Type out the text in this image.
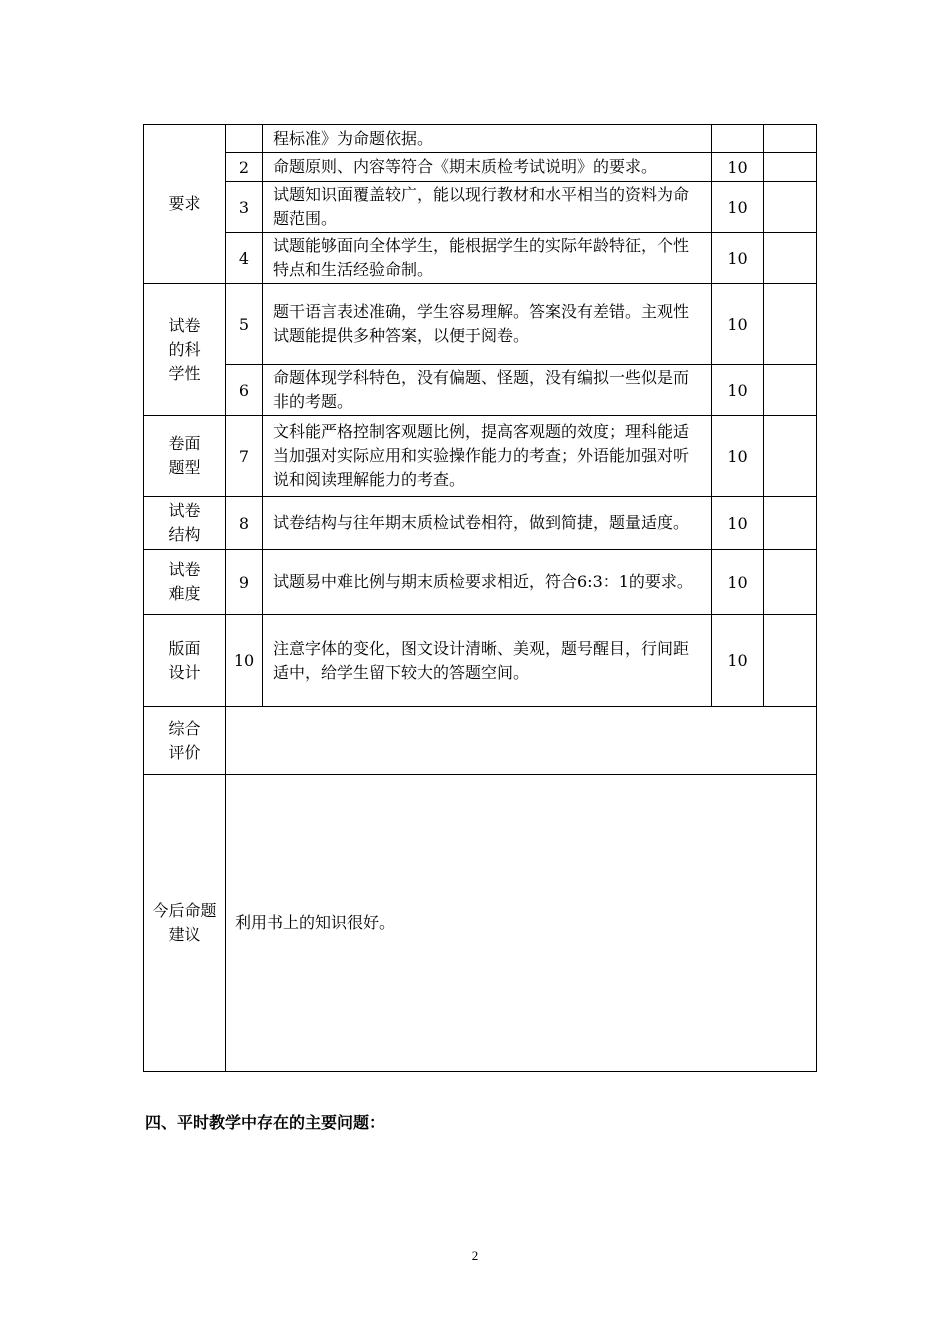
要求		程标准》为命题依据。		
	2	命题原则、内容等符合《期末质检考试说明》的要求。	10	
	3	试题知识面覆盖较广，能以现行教材和水平相当的资料为命题范围。	10	
	4	试题能够面向全体学生，能根据学生的实际年龄特征，个性特点和生活经验命制。	10	
试卷的科学性	5	题干语言表述准确，学生容易理解。答案没有差错。主观性试题能提供多种答案，以便于阅卷。	10	
	6	命题体现学科特色，没有偏题、怪题，没有编拟一些似是而非的考题。	10	
卷面题型	7	文科能严格控制客观题比例，提高客观题的效度；理科能适当加强对实际应用和实验操作能力的考查；外语能加强对听说和阅读理解能力的考查。	10	
试卷结构	8	试卷结构与往年期末质检试卷相符，做到简捷，题量适度。	10	
试卷难度	9	试题易中难比例与期末质检要求相近，符合6:3：1的要求。	10	
版面设计	10	注意字体的变化，图文设计清晰、美观，题号醒目，行间距适中，给学生留下较大的答题空间。	10	
综合评价				
今后命题建议	利用书上的知识很好。			
四、平时教学中存在的主要问题：
2
